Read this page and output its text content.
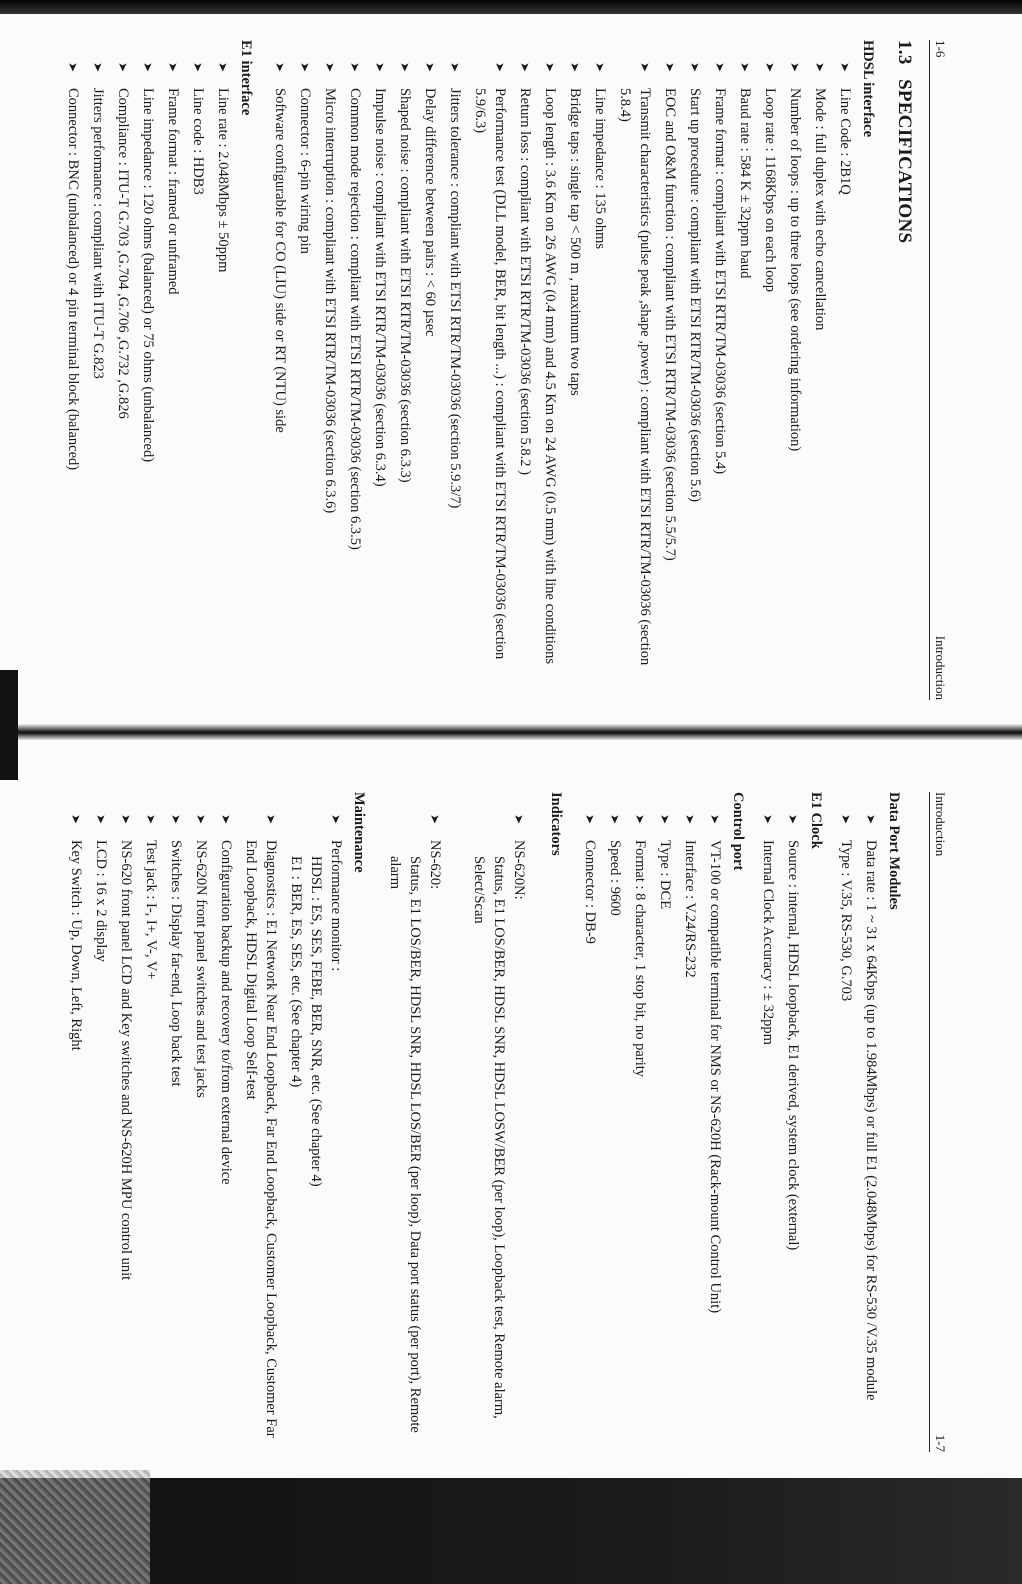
1-6
Introduction
1.3 SPECIFICATIONS
HDSL interface
➤
Line Code : 2B1Q
➤
Mode : full duplex with echo cancellation
➤
Number of loops : up to three loops (see ordering information)
➤
Loop rate : 1168Kbps on each loop
➤
Baud rate : 584 K ± 32ppm baud
➤
Frame format : compliant with ETSI RTR/TM-03036 (section 5.4)
➤
Start up procedure : compliant with ETSI RTR/TM-03036 (section 5.6)
➤
EOC and O&M function : compliant with ETSI RTR/TM-03036 (section 5.5/5.7)
➤
Transmit characteristics (pulse peak ,shape ,power) : compliant with ETSI RTR/TM-03036 (section 5.8.4)
➤
Line impedance : 135 ohms
➤
Bridge taps : single tap < 500 m , maximum two taps
➤
Loop length : 3.6 Km on 26 AWG (0.4 mm) and 4.5 Km on 24 AWG (0.5 mm) with line conditions
➤
Return loss : compliant with ETSI RTR/TM-03036 (section 5.8.2 )
➤
Performance test (DLL model, BER, bit length ...) : compliant with ETSI RTR/TM-03036 (section 5.9/6.3)
➤
Jitters tolerance : compliant with ETSI RTR/TM-03036 (section 5.9.3/7)
➤
Delay difference between pairs : < 60 µsec
➤
Shaped noise : compliant with ETSI RTR/TM-03036 (section 6.3.3)
➤
Impulse noise : compliant with ETSI RTR/TM-03036 (section 6.3.4)
➤
Common mode rejection : compliant with ETSI RTR/TM-03036 (section 6.3.5)
➤
Micro interruption : compliant with ETSI RTR/TM-03036 (section 6.3.6)
➤
Connector : 6-pin wiring pin
➤
Software configurable for CO (LIU) side or RT (NTU) side
E1 interface
➤
Line rate : 2.048Mbps ± 50ppm
➤
Line code : HDB3
➤
Frame format : framed or unframed
➤
Line impedance : 120 ohms (balanced) or 75 ohms (unbalanced)
➤
Compliance : ITU-T G.703 ,G.704 ,G.706 ,G.732 ,G.826
➤
Jitters performance : compliant with ITU-T G.823
➤
Connector : BNC (unbalanced) or 4 pin terminal block (balanced)
Introduction
1-7
Data Port Modules
➤
Data rate : 1 ~ 31 x 64Kbps (up to 1.984Mbps) or full E1 (2.048Mbps) for RS-530 /V.35 module
➤
Type : V.35, RS-530, G.703
E1 Clock
➤
Source : internal, HDSL loopback, E1 derived, system clock (external)
➤
Internal Clock Accuracy : ± 32ppm
Control port
➤
VT-100 or compatible terminal for NMS or NS-620H (Rack-mount Control Unit)
➤
Interface : V.24/RS-232
➤
Type : DCE
➤
Format : 8 character, 1 stop bit, no parity
➤
Speed : 9600
➤
Connector : DB-9
Indicators
➤
NS-620N:
Status, E1 LOS/BER, HDSL SNR, HDSL LOSW/BER (per loop), Loopback test, Remote alarm, Select/Scan
➤
NS-620:
Status, E1 LOS/BER, HDSL SNR, HDSL LOS/BER (per loop), Data port status (per port), Remote alarm
Maintenance
➤
Performance monitor :
HDSL : ES, SES, FEBE, BER, SNR, etc. (See chapter 4)
E1 : BER, ES, SES, etc. (See chapter 4)
➤
Diagnostics : E1 Network Near End Loopback, Far End Loopback, Customer Loopback, Customer Far End Loopback, HDSL Digital Loop Self-test
➤
Configuration backup and recovery to/from external device
➤
NS-620N front panel switches and test jacks
➤
Switches : Display far-end, Loop back test
➤
Test jack : I-, I+, V-, V+
➤
NS-620 front panel LCD and Key switches and NS-620H MPU control unit
➤
LCD : 16 x 2 display
➤
Key Switch : Up, Down, Left, Right
